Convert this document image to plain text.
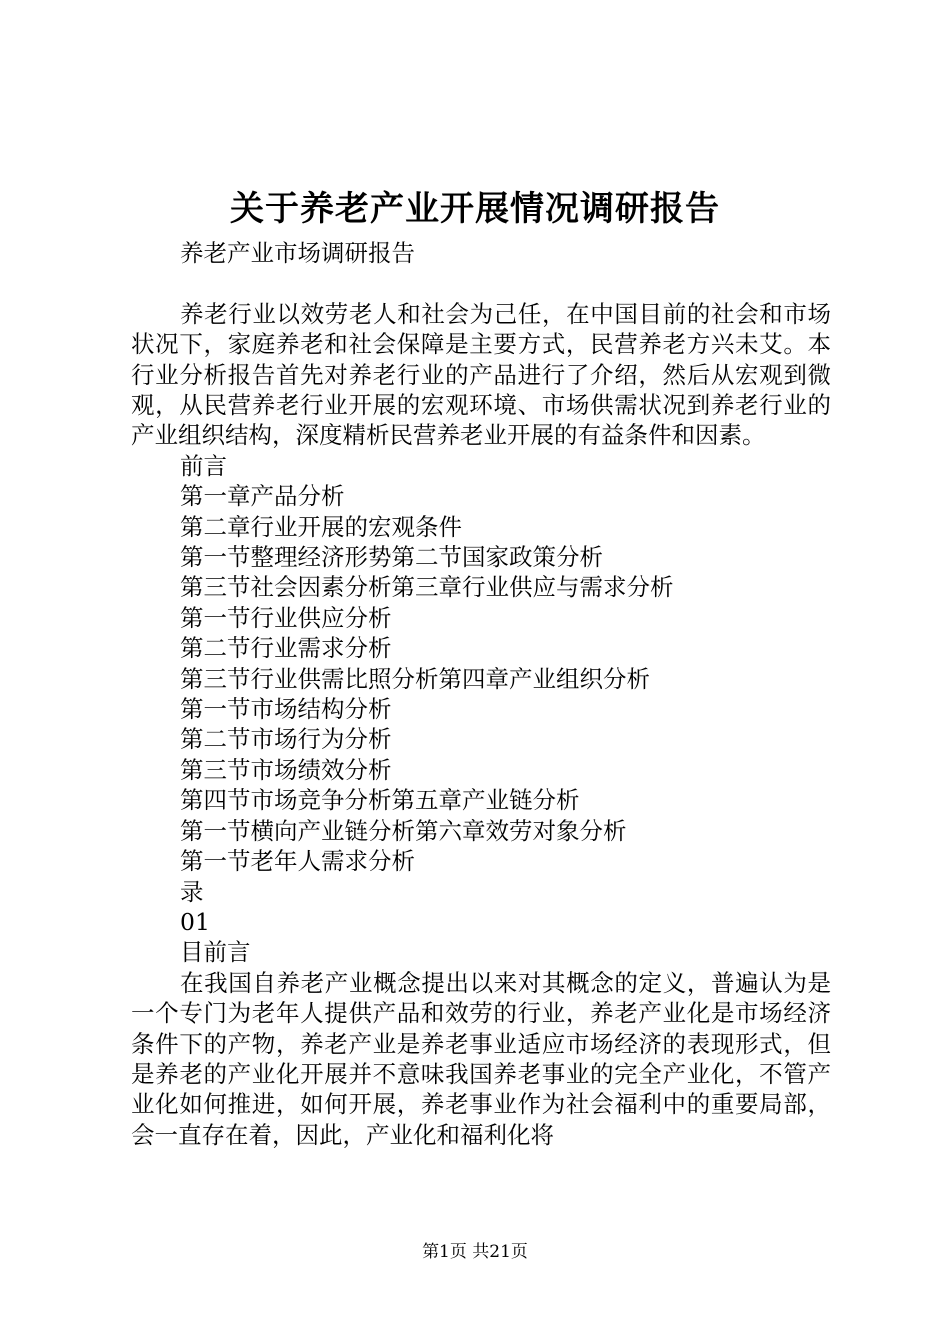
关于养老产业开展情况调研报告

养老产业市场调研报告

养老行业以效劳老人和社会为己任，在中国目前的社会和市场状况下，家庭养老和社会保障是主要方式，民营养老方兴未艾。本行业分析报告首先对养老行业的产品进行了介绍，然后从宏观到微观，从民营养老行业开展的宏观环境、市场供需状况到养老行业的产业组织结构，深度精析民营养老业开展的有益条件和因素。

前言

第一章产品分析

第二章行业开展的宏观条件

第一节整理经济形势第二节国家政策分析

第三节社会因素分析第三章行业供应与需求分析

第一节行业供应分析

第二节行业需求分析

第三节行业供需比照分析第四章产业组织分析

第一节市场结构分析

第二节市场行为分析

第三节市场绩效分析

第四节市场竞争分析第五章产业链分析

第一节横向产业链分析第六章效劳对象分析

第一节老年人需求分析

录

01

目前言

在我国自养老产业概念提出以来对其概念的定义，普遍认为是一个专门为老年人提供产品和效劳的行业，养老产业化是市场经济条件下的产物，养老产业是养老事业适应市场经济的表现形式，但是养老的产业化开展并不意味我国养老事业的完全产业化，不管产业化如何推进，如何开展，养老事业作为社会福利中的重要局部，会一直存在着，因此，产业化和福利化将

第1页 共21页
